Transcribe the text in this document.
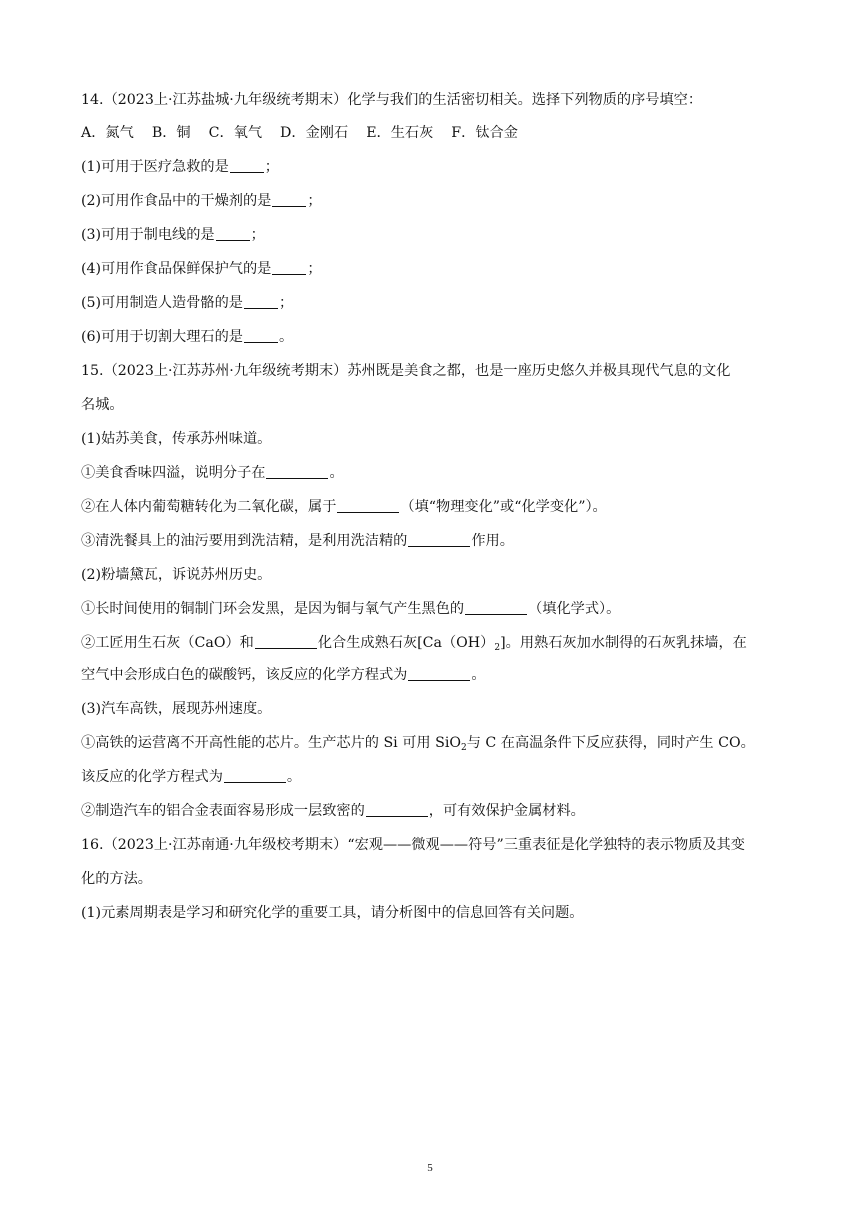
14.（2023上·江苏盐城·九年级统考期末）化学与我们的生活密切相关。选择下列物质的序号填空：
A．氮气 B．铜 C．氧气 D．金刚石 E．生石灰 F．钛合金
(1)可用于医疗急救的是	；
(2)可用作食品中的干燥剂的是	；
(3)可用于制电线的是	；
(4)可用作食品保鲜保护气的是	；
(5)可用制造人造骨骼的是	；
(6)可用于切割大理石的是	。
15.（2023上·江苏苏州·九年级统考期末）苏州既是美食之都，也是一座历史悠久并极具现代气息的文化
名城。
(1)姑苏美食，传承苏州味道。
①美食香味四溢，说明分子在	。
②在人体内葡萄糖转化为二氧化碳，属于	（填“物理变化”或“化学变化”）。
③清洗餐具上的油污要用到洗洁精，是利用洗洁精的	作用。
(2)粉墙黛瓦，诉说苏州历史。
①长时间使用的铜制门环会发黑，是因为铜与氧气产生黑色的	（填化学式）。
②工匠用生石灰（CaO）和	化合生成熟石灰$[Ca(OH)_2]$。用熟石灰加水制得的石灰乳抹墙，在
空气中会形成白色的碳酸钙，该反应的化学方程式为	。
(3)汽车高铁，展现苏州速度。
①高铁的运营离不开高性能的芯片。生产芯片的 Si 可用 SiO$_2$与 C 在高温条件下反应获得，同时产生 CO。
该反应的化学方程式为	。
②制造汽车的铝合金表面容易形成一层致密的	，可有效保护金属材料。
16.（2023上·江苏南通·九年级校考期末）“宏观——微观——符号”三重表征是化学独特的表示物质及其变
化的方法。
(1)元素周期表是学习和研究化学的重要工具，请分析图中的信息回答有关问题。
5
